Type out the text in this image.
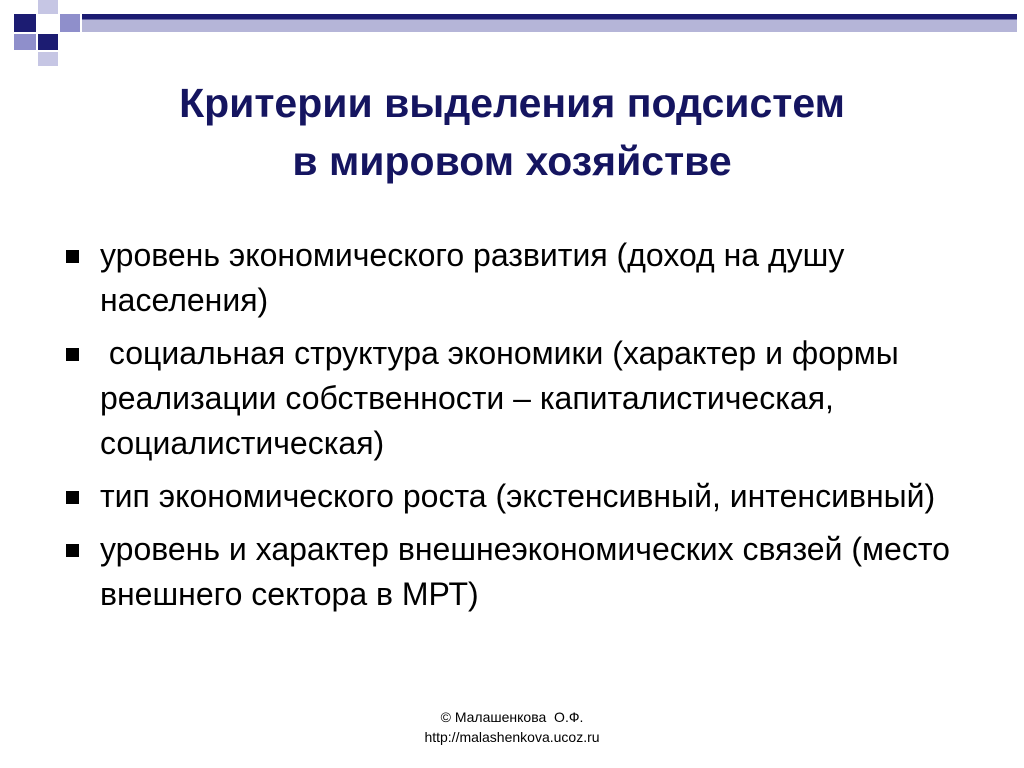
Критерии выделения подсистем
в мировом хозяйстве
уровень экономического развития (доход на душу населения)
социальная структура экономики (характер и формы реализации собственности – капиталистическая, социалистическая)
тип экономического роста (экстенсивный, интенсивный)
уровень и характер внешнеэкономических связей (место внешнего сектора в МРТ)
© Малашенкова  О.Ф.
http://malashenkova.ucoz.ru
